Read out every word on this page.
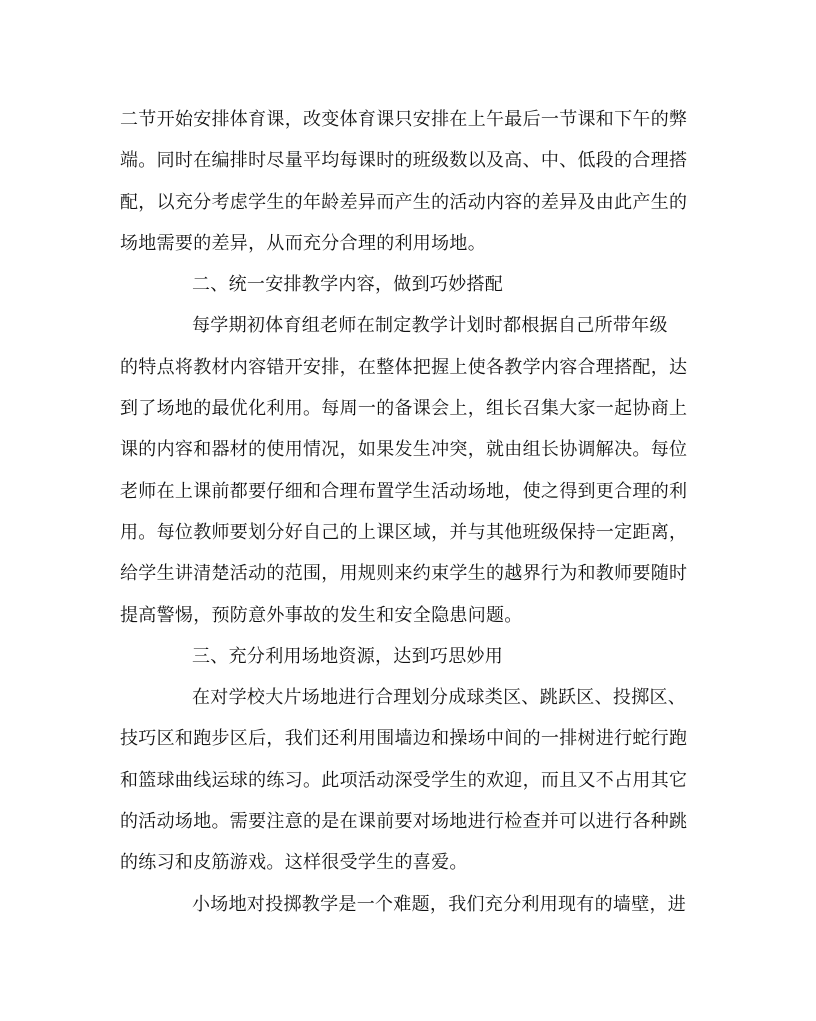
二节开始安排体育课，改变体育课只安排在上午最后一节课和下午的弊
端。同时在编排时尽量平均每课时的班级数以及高、中、低段的合理搭
配，以充分考虑学生的年龄差异而产生的活动内容的差异及由此产生的
场地需要的差异，从而充分合理的利用场地。
二、统一安排教学内容，做到巧妙搭配
每学期初体育组老师在制定教学计划时都根据自己所带年级
的特点将教材内容错开安排，在整体把握上使各教学内容合理搭配，达
到了场地的最优化利用。每周一的备课会上，组长召集大家一起协商上
课的内容和器材的使用情况，如果发生冲突，就由组长协调解决。每位
老师在上课前都要仔细和合理布置学生活动场地，使之得到更合理的利
用。每位教师要划分好自己的上课区域，并与其他班级保持一定距离，
给学生讲清楚活动的范围，用规则来约束学生的越界行为和教师要随时
提高警惕，预防意外事故的发生和安全隐患问题。
三、充分利用场地资源，达到巧思妙用
在对学校大片场地进行合理划分成球类区、跳跃区、投掷区、
技巧区和跑步区后，我们还利用围墙边和操场中间的一排树进行蛇行跑
和篮球曲线运球的练习。此项活动深受学生的欢迎，而且又不占用其它
的活动场地。需要注意的是在课前要对场地进行检查并可以进行各种跳
的练习和皮筋游戏。这样很受学生的喜爱。
小场地对投掷教学是一个难题，我们充分利用现有的墙壁，进
